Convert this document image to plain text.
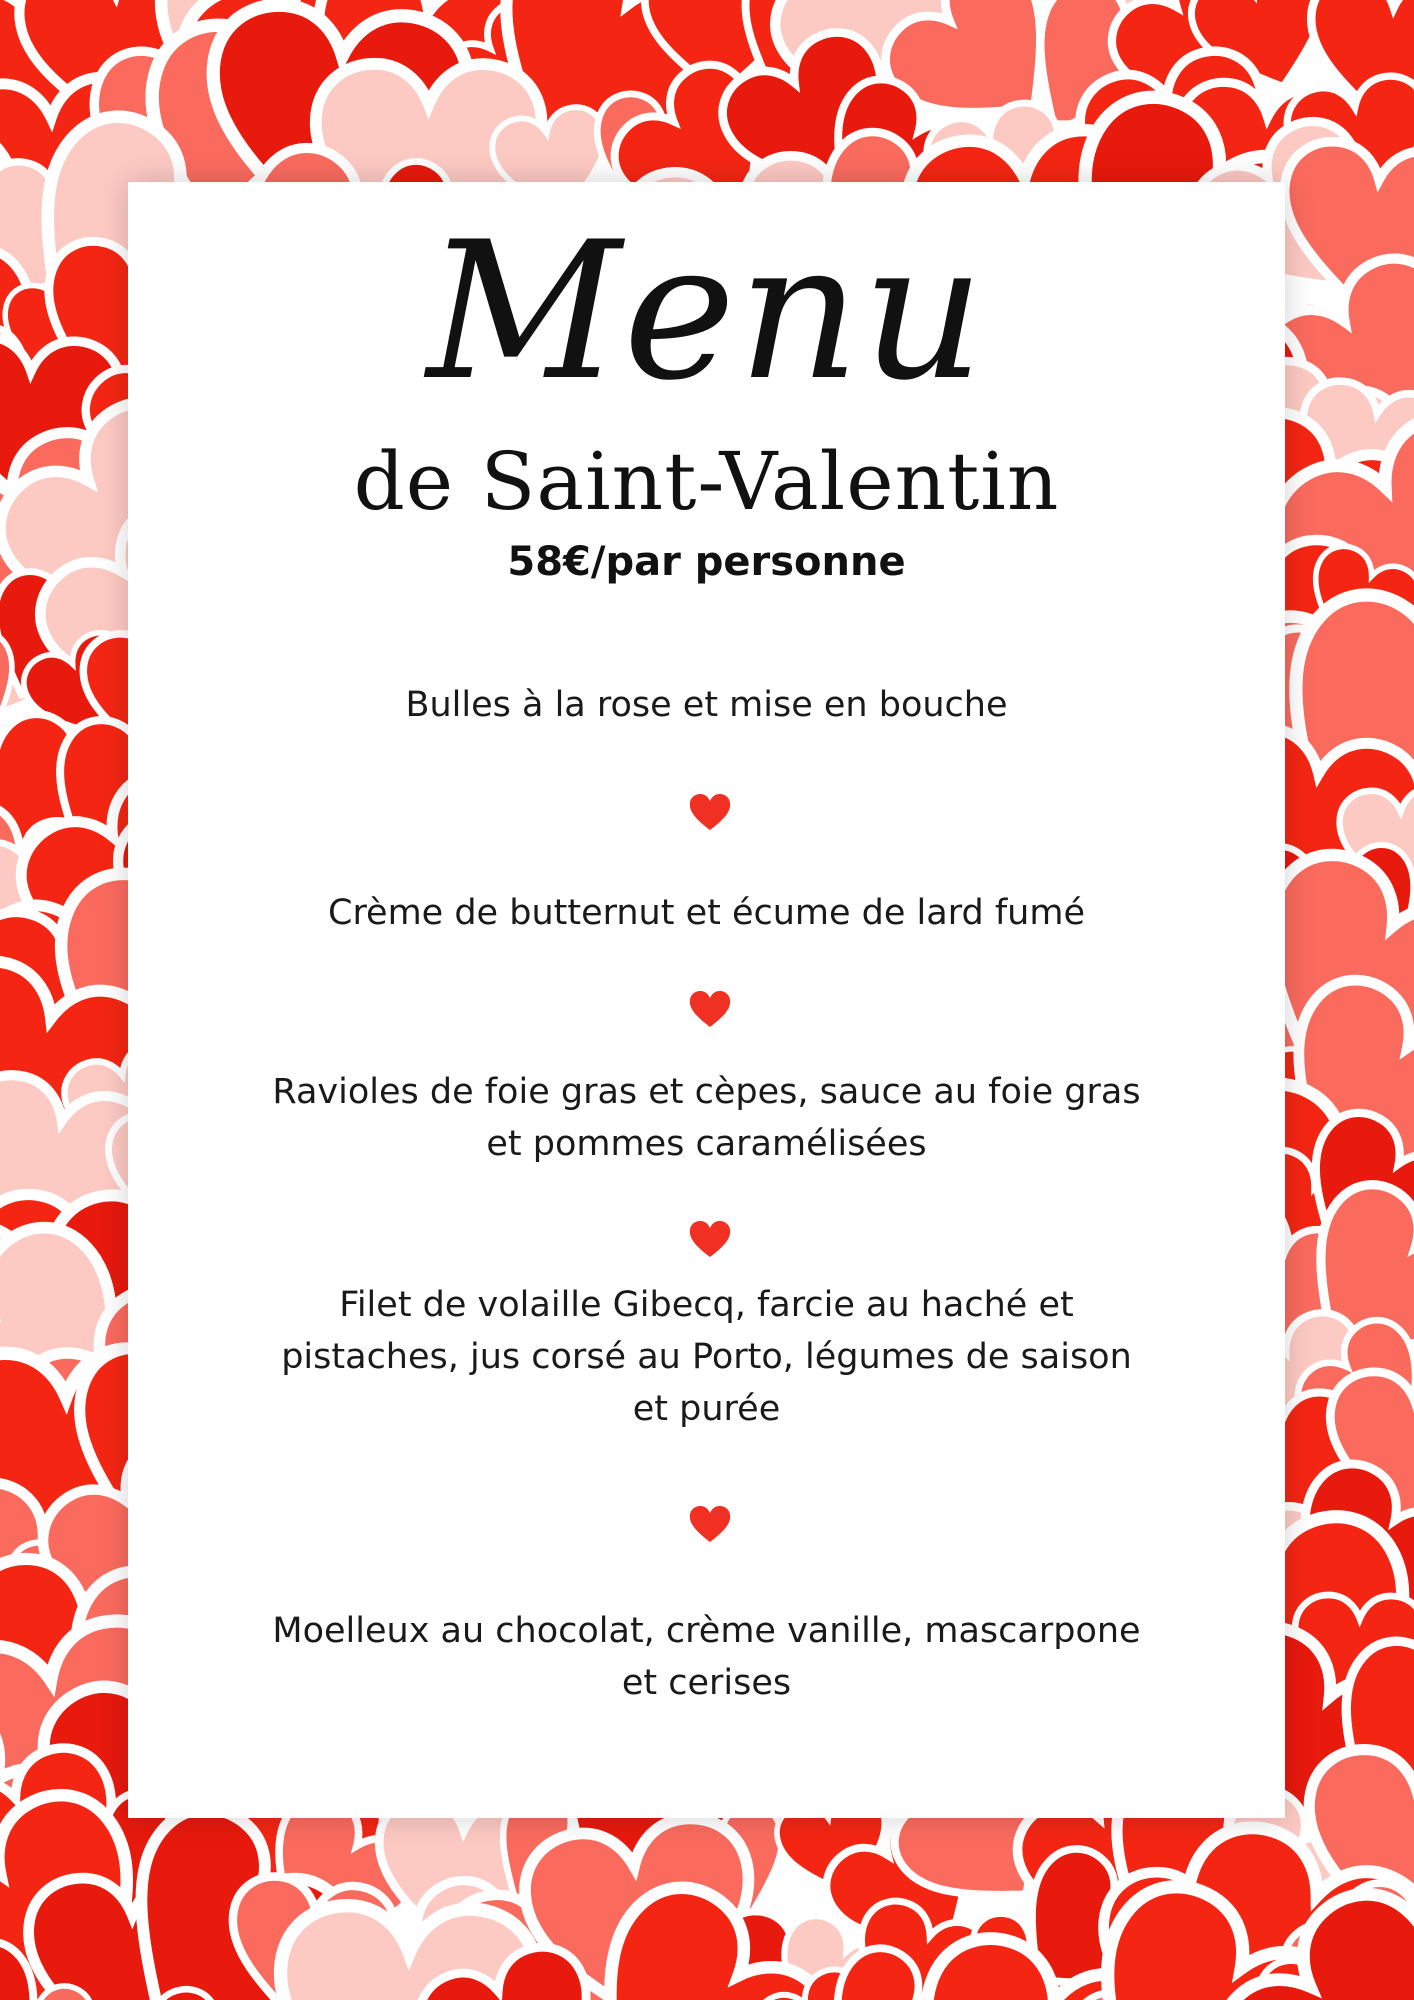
Menu
de Saint-Valentin
58€/par personne
Bulles à la rose et mise en bouche
Crème de butternut et écume de lard fumé
Ravioles de foie gras et cèpes, sauce au foie gras
et pommes caramélisées
Filet de volaille Gibecq, farcie au haché et
pistaches, jus corsé au Porto, légumes de saison
et purée
Moelleux au chocolat, crème vanille, mascarpone
et cerises
